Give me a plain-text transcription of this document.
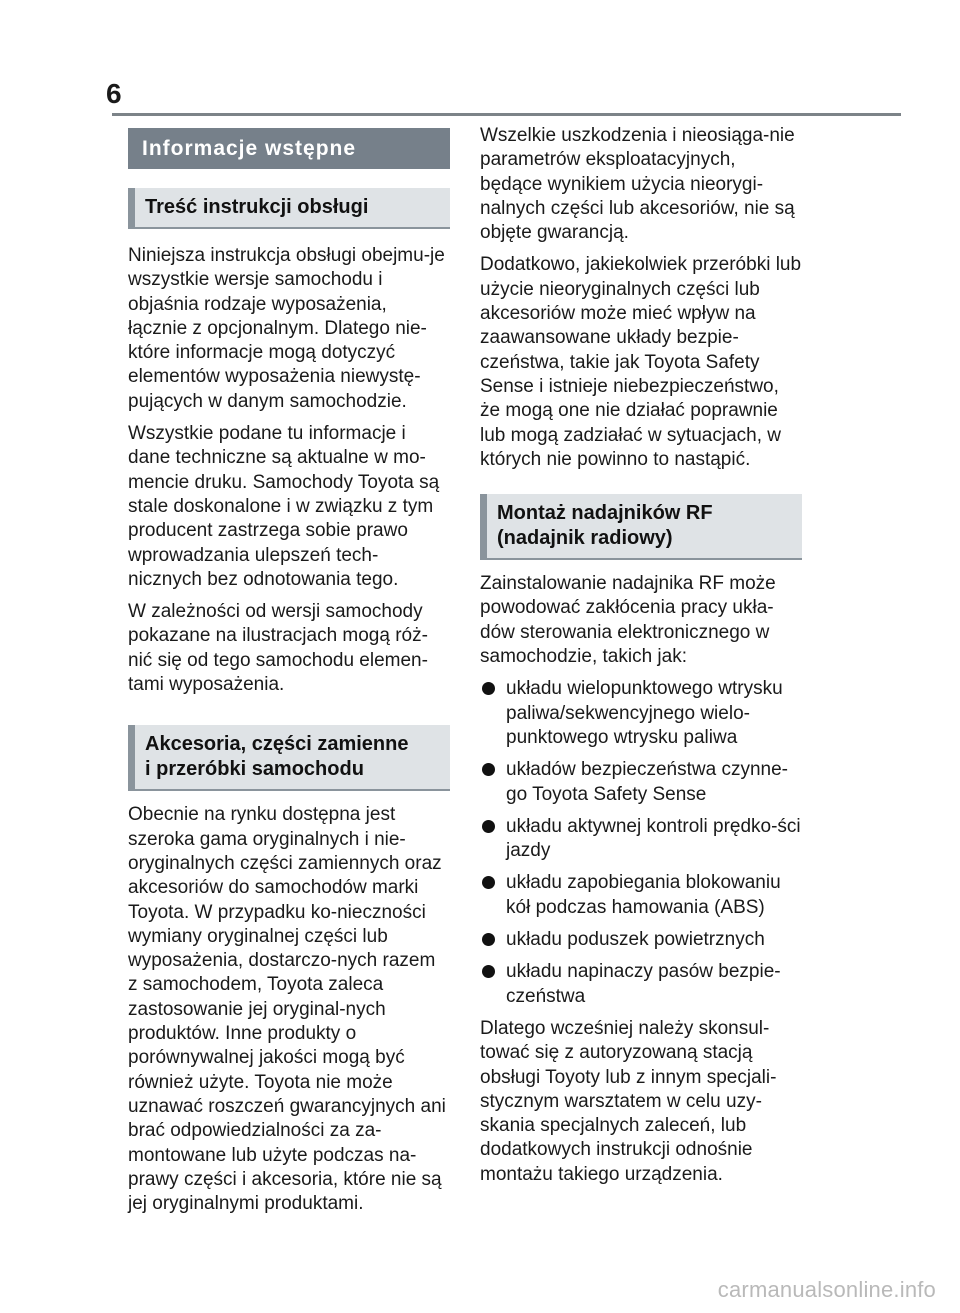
6
Informacje wstępne
Treść instrukcji obsługi

Niniejsza instrukcja obsługi obejmu-je wszystkie wersje samochodu i objaśnia rodzaje wyposażenia, łącznie z opcjonalnym. Dlatego nie-które informacje mogą dotyczyć elementów wyposażenia niewystę-pujących w danym samochodzie.

Wszystkie podane tu informacje i dane techniczne są aktualne w mo-mencie druku. Samochody Toyota są stale doskonalone i w związku z tym producent zastrzega sobie prawo wprowadzania ulepszeń tech-nicznych bez odnotowania tego.

W zależności od wersji samochody pokazane na ilustracjach mogą róż-nić się od tego samochodu elemen-tami wyposażenia.

Akcesoria, części zamienne
i przeróbki samochodu

Obecnie na rynku dostępna jest szeroka gama oryginalnych i nie-oryginalnych części zamiennych oraz akcesoriów do samochodów marki Toyota. W przypadku ko-nieczności wymiany oryginalnej części lub wyposażenia, dostarczo-nych razem z samochodem, Toyota zaleca zastosowanie jej oryginal-nych produktów. Inne produkty o porównywalnej jakości mogą być również użyte. Toyota nie może uznawać roszczeń gwarancyjnych ani brać odpowiedzialności za za-montowane lub użyte podczas na-prawy części i akcesoria, które nie są jej oryginalnymi produktami.

Wszelkie uszkodzenia i nieosiąga-nie parametrów eksploatacyjnych, będące wynikiem użycia nieorygi-nalnych części lub akcesoriów, nie są objęte gwarancją.

Dodatkowo, jakiekolwiek przeróbki lub użycie nieoryginalnych części lub akcesoriów może mieć wpływ na zaawansowane układy bezpie-czeństwa, takie jak Toyota Safety Sense i istnieje niebezpieczeństwo, że mogą one nie działać poprawnie lub mogą zadziałać w sytuacjach, w których nie powinno to nastąpić.

Montaż nadajników RF
(nadajnik radiowy)

Zainstalowanie nadajnika RF może powodować zakłócenia pracy ukła-dów sterowania elektronicznego w samochodzie, takich jak:

układu wielopunktowego wtrysku paliwa/sekwencyjnego wielo-punktowego wtrysku paliwa
układów bezpieczeństwa czynne-go Toyota Safety Sense
układu aktywnej kontroli prędko-ści jazdy
układu zapobiegania blokowaniu kół podczas hamowania (ABS)
układu poduszek powietrznych
układu napinaczy pasów bezpie-czeństwa

Dlatego wcześniej należy skonsul-tować się z autoryzowaną stacją obsługi Toyoty lub z innym specjali-stycznym warsztatem w celu uzy-skania specjalnych zaleceń, lub dodatkowych instrukcji odnośnie montażu takiego urządzenia.

carmanualsonline.info
